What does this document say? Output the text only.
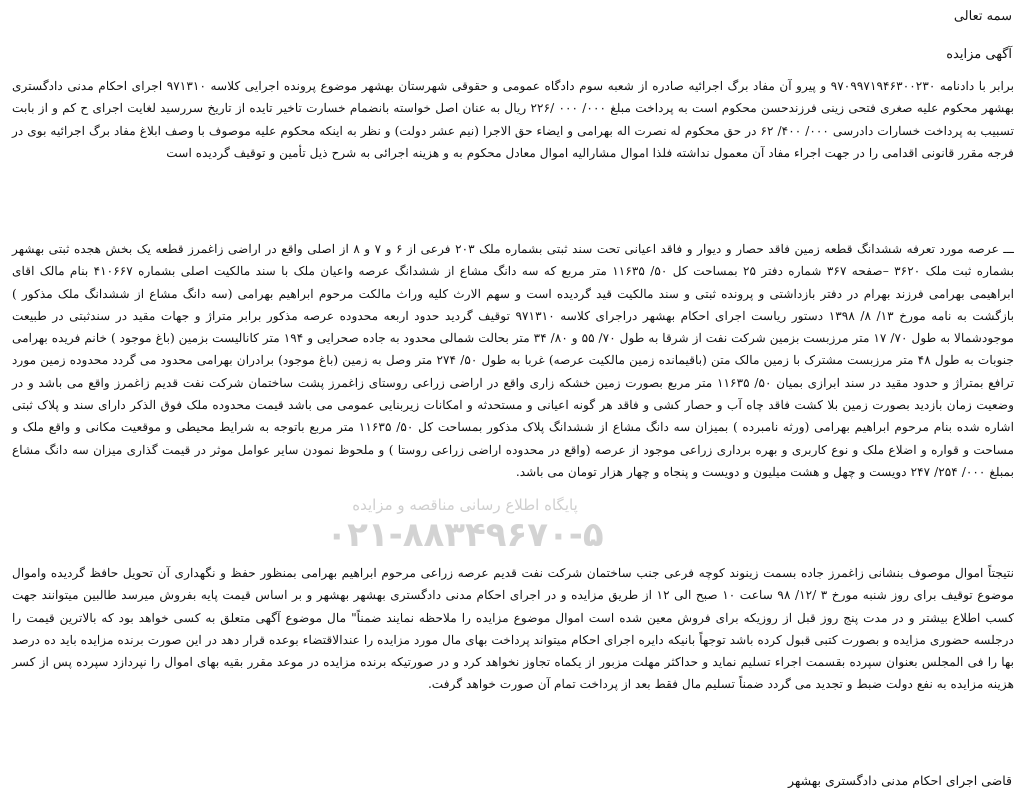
سمه تعالی

آگهی مزایده

برابر با دادنامه ۹۷۰۹۹۷۱۹۴۶۳۰۰۲۳۰ و پیرو آن مفاد برگ اجرائیه صادره از شعبه سوم دادگاه عمومی و حقوقی شهرستان بهشهر موضوع پرونده اجرایی کلاسه ۹۷۱۳۱۰ اجرای احکام مدنی دادگستری بهشهر محکوم علیه صغری فتحی زینی فرزندحسن محکوم است به پرداخت مبلغ ۰۰۰/ ۰۰۰ /۲۲۶ ریال به عنان اصل خواسته بانضمام خسارت تاخیر تایده از تاریخ سررسید لغایت اجرای ح کم و از بابت تسبیب به پرداخت خسارات دادرسی ۰۰۰/ ۴۰۰/ ۶۲ در حق محکوم له نصرت اله بهرامی و ایضاء حق الاجرا (نیم عشر دولت) و نظر به اینکه محکوم علیه موصوف با وصف ابلاغ مفاد برگ اجرائیه بوی در فرجه مقرر قانونی اقدامی را در جهت اجراء مفاد آن معمول نداشته فلذا اموال مشارالیه اموال معادل محکوم به و هزینه اجرائی به شرح ذیل تأمین و توقیف گردیده است

ـــ عرصه مورد تعرفه ششدانگ قطعه زمین فاقد حصار و دیوار و فاقد اعیانی تحت سند ثبتی بشماره ملک ۲۰۳ فرعی از ۶ و ۷ و ۸ از اصلی واقع در اراضی زاغمرز قطعه یک بخش هجده ثبتی بهشهر بشماره ثبت ملک ۳۶۲۰ –صفحه ۳۶۷ شماره دفتر ۲۵ بمساحت کل ۵۰/ ۱۱۶۳۵ متر مربع که سه دانگ مشاع از ششدانگ عرصه واعیان ملک با سند مالکیت اصلی بشماره ۴۱۰۶۶۷ بنام مالک اقای ابراهیمی بهرامی فرزند بهرام در دفتر بازداشتی و پرونده ثبتی و سند مالکیت قید گردیده است و سهم الارث کلیه وراث مالکت مرحوم ابراهیم بهرامی (سه دانگ مشاع از ششدانگ ملک مذکور ) بازگشت به نامه مورخ ۱۳/ ۸/ ۱۳۹۸ دستور ریاست اجرای احکام بهشهر دراجرای کلاسه ۹۷۱۳۱۰ توقیف گردید حدود اربعه محدوده عرصه مذکور برابر متراژ و جهات مقید در سندثبتی در طبیعت موجودشمالا به طول ۷۰/ ۱۷ متر مرزبست بزمین شرکت نفت از شرقا به طول ۷۰/ ۵۵ و ۸۰/ ۳۴ متر بحالت شمالی محدود به جاده صحرایی و ۱۹۴ متر کانالیست بزمین (باغ موجود ) خانم فریده بهرامی جنوبات به طول ۴۸ متر مرزبست مشترک با زمین مالک متن (باقیمانده زمین مالکیت عرصه) غربا به طول ۵۰/ ۲۷۴ متر وصل به زمین (باغ موجود) برادران بهرامی محدود می گردد محدوده زمین مورد ترافع بمتراژ و حدود مقید در سند ابرازی بمیان ۵۰/ ۱۱۶۳۵ متر مربع بصورت زمین خشکه زاری واقع در اراضی زراعی روستای زاغمرز پشت ساختمان شرکت نفت قدیم زاغمرز واقع می باشد و در وضعیت زمان بازدید بصورت زمین بلا کشت فاقد چاه آب و حصار کشی و فاقد هر گونه اعیانی و مستحدثه و امکانات زیربنایی عمومی می باشد قیمت محدوده ملک فوق الذکر دارای سند و پلاک ثبتی اشاره شده بنام مرحوم ابراهیم بهرامی (ورثه نامبرده ) بمیزان سه دانگ مشاع از ششدانگ پلاک مذکور بمساحت کل ۵۰/ ۱۱۶۳۵ متر مربع باتوجه به شرایط محیطی و موقعیت مکانی و واقع ملک و مساحت و قواره و اضلاع ملک و نوع کاربری و بهره برداری زراعی موجود از عرصه (واقع در محدوده اراضی زراعی روستا ) و ملحوظ نمودن سایر عوامل موثر در قیمت گذاری میزان سه دانگ مشاع بمبلغ ۰۰۰/ ۲۵۴/ ۲۴۷ دویست و چهل و هشت میلیون و دویست و پنجاه و چهار هزار تومان می باشد.

پایگاه اطلاع رسانی مناقصه و مزایده
۰۲۱-۸۸۳۴۹۶۷۰-۵

نتیجتاً اموال موصوف بنشانی زاغمرز جاده بسمت زینوند کوچه فرعی جنب ساختمان شرکت نفت قدیم عرصه زراعی مرحوم ابراهیم بهرامی بمنظور حفظ و نگهداری آن تحویل حافظ گردیده واموال موضوع توقیف برای روز شنبه مورخ ۳ /۱۲/ ۹۸ ساعت ۱۰ صبح الی ۱۲ از طریق مزایده و در اجرای احکام مدنی دادگستری بهشهر بهشهر و بر اساس قیمت پایه بفروش میرسد طالبین میتوانند جهت کسب اطلاع بیشتر و در مدت پنج روز قبل از روزیکه برای فروش معین شده است اموال موضوع مزایده را ملاحظه نمایند ضمناً" مال موضوع آگهی متعلق به کسی خواهد بود که بالاترین قیمت را درجلسه حضوری مزایده و بصورت کتبی قبول کرده باشد توجهاً بانیکه دایره اجرای احکام میتواند پرداخت بهای مال مورد مزایده را عندالاقتضاء بوعده قرار دهد در این صورت برنده مزایده باید ده درصد بها را فی المجلس بعنوان سپرده بقسمت اجراء تسلیم نماید و حداکثر مهلت مزبور از یکماه تجاوز نخواهد کرد و در صورتیکه برنده مزایده در موعد مقرر بقیه بهای اموال را نپردازد سپرده پس از کسر هزینه مزایده به نفع دولت ضبط و تجدید می گردد ضمناً تسلیم مال فقط بعد از پرداخت تمام آن صورت خواهد گرفت.

قاضی اجرای احکام مدنی دادگستری بهشهر
